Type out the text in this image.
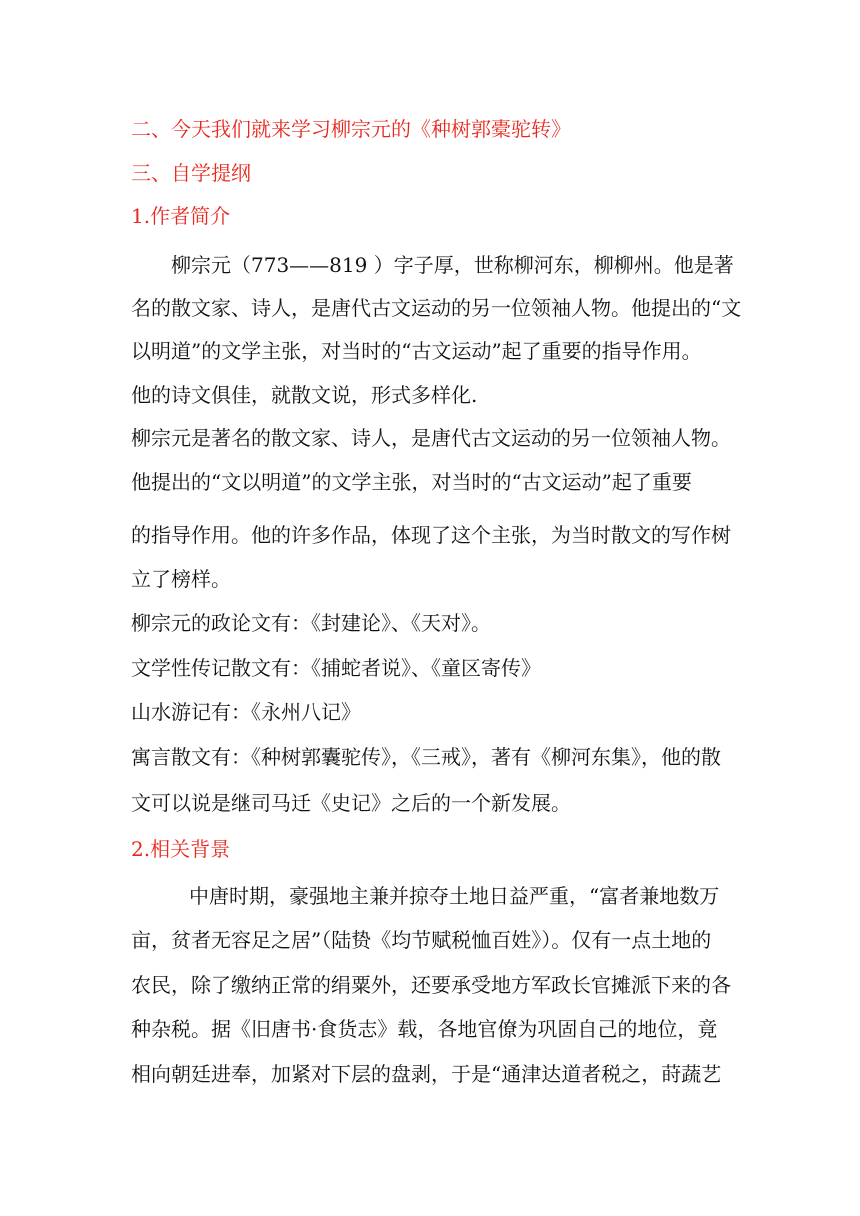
二、今天我们就来学习柳宗元的《种树郭橐驼转》
三、自学提纲
1.作者简介
柳宗元（773——819 ）字子厚，世称柳河东，柳柳州。他是著
名的散文家、诗人，是唐代古文运动的另一位领袖人物。他提出的“文
以明道”的文学主张，对当时的“古文运动”起了重要的指导作用。
他的诗文俱佳，就散文说，形式多样化.
柳宗元是著名的散文家、诗人，是唐代古文运动的另一位领袖人物。
他提出的“文以明道”的文学主张，对当时的“古文运动”起了重要
的指导作用。他的许多作品，体现了这个主张，为当时散文的写作树
立了榜样。
柳宗元的政论文有：《封建论》、《天对》。
文学性传记散文有：《捕蛇者说》、《童区寄传》
山水游记有：《永州八记》
寓言散文有：《种树郭囊驼传》，《三戒》，著有《柳河东集》，他的散
文可以说是继司马迁《史记》之后的一个新发展。
2.相关背景
中唐时期，豪强地主兼并掠夺土地日益严重，“富者兼地数万
亩，贫者无容足之居”（陆贽《均节赋税恤百姓》）。仅有一点土地的
农民，除了缴纳正常的绢粟外，还要承受地方军政长官摊派下来的各
种杂税。据《旧唐书·食货志》载，各地官僚为巩固自己的地位，竟
相向朝廷进奉，加紧对下层的盘剥，于是“通津达道者税之，莳蔬艺
